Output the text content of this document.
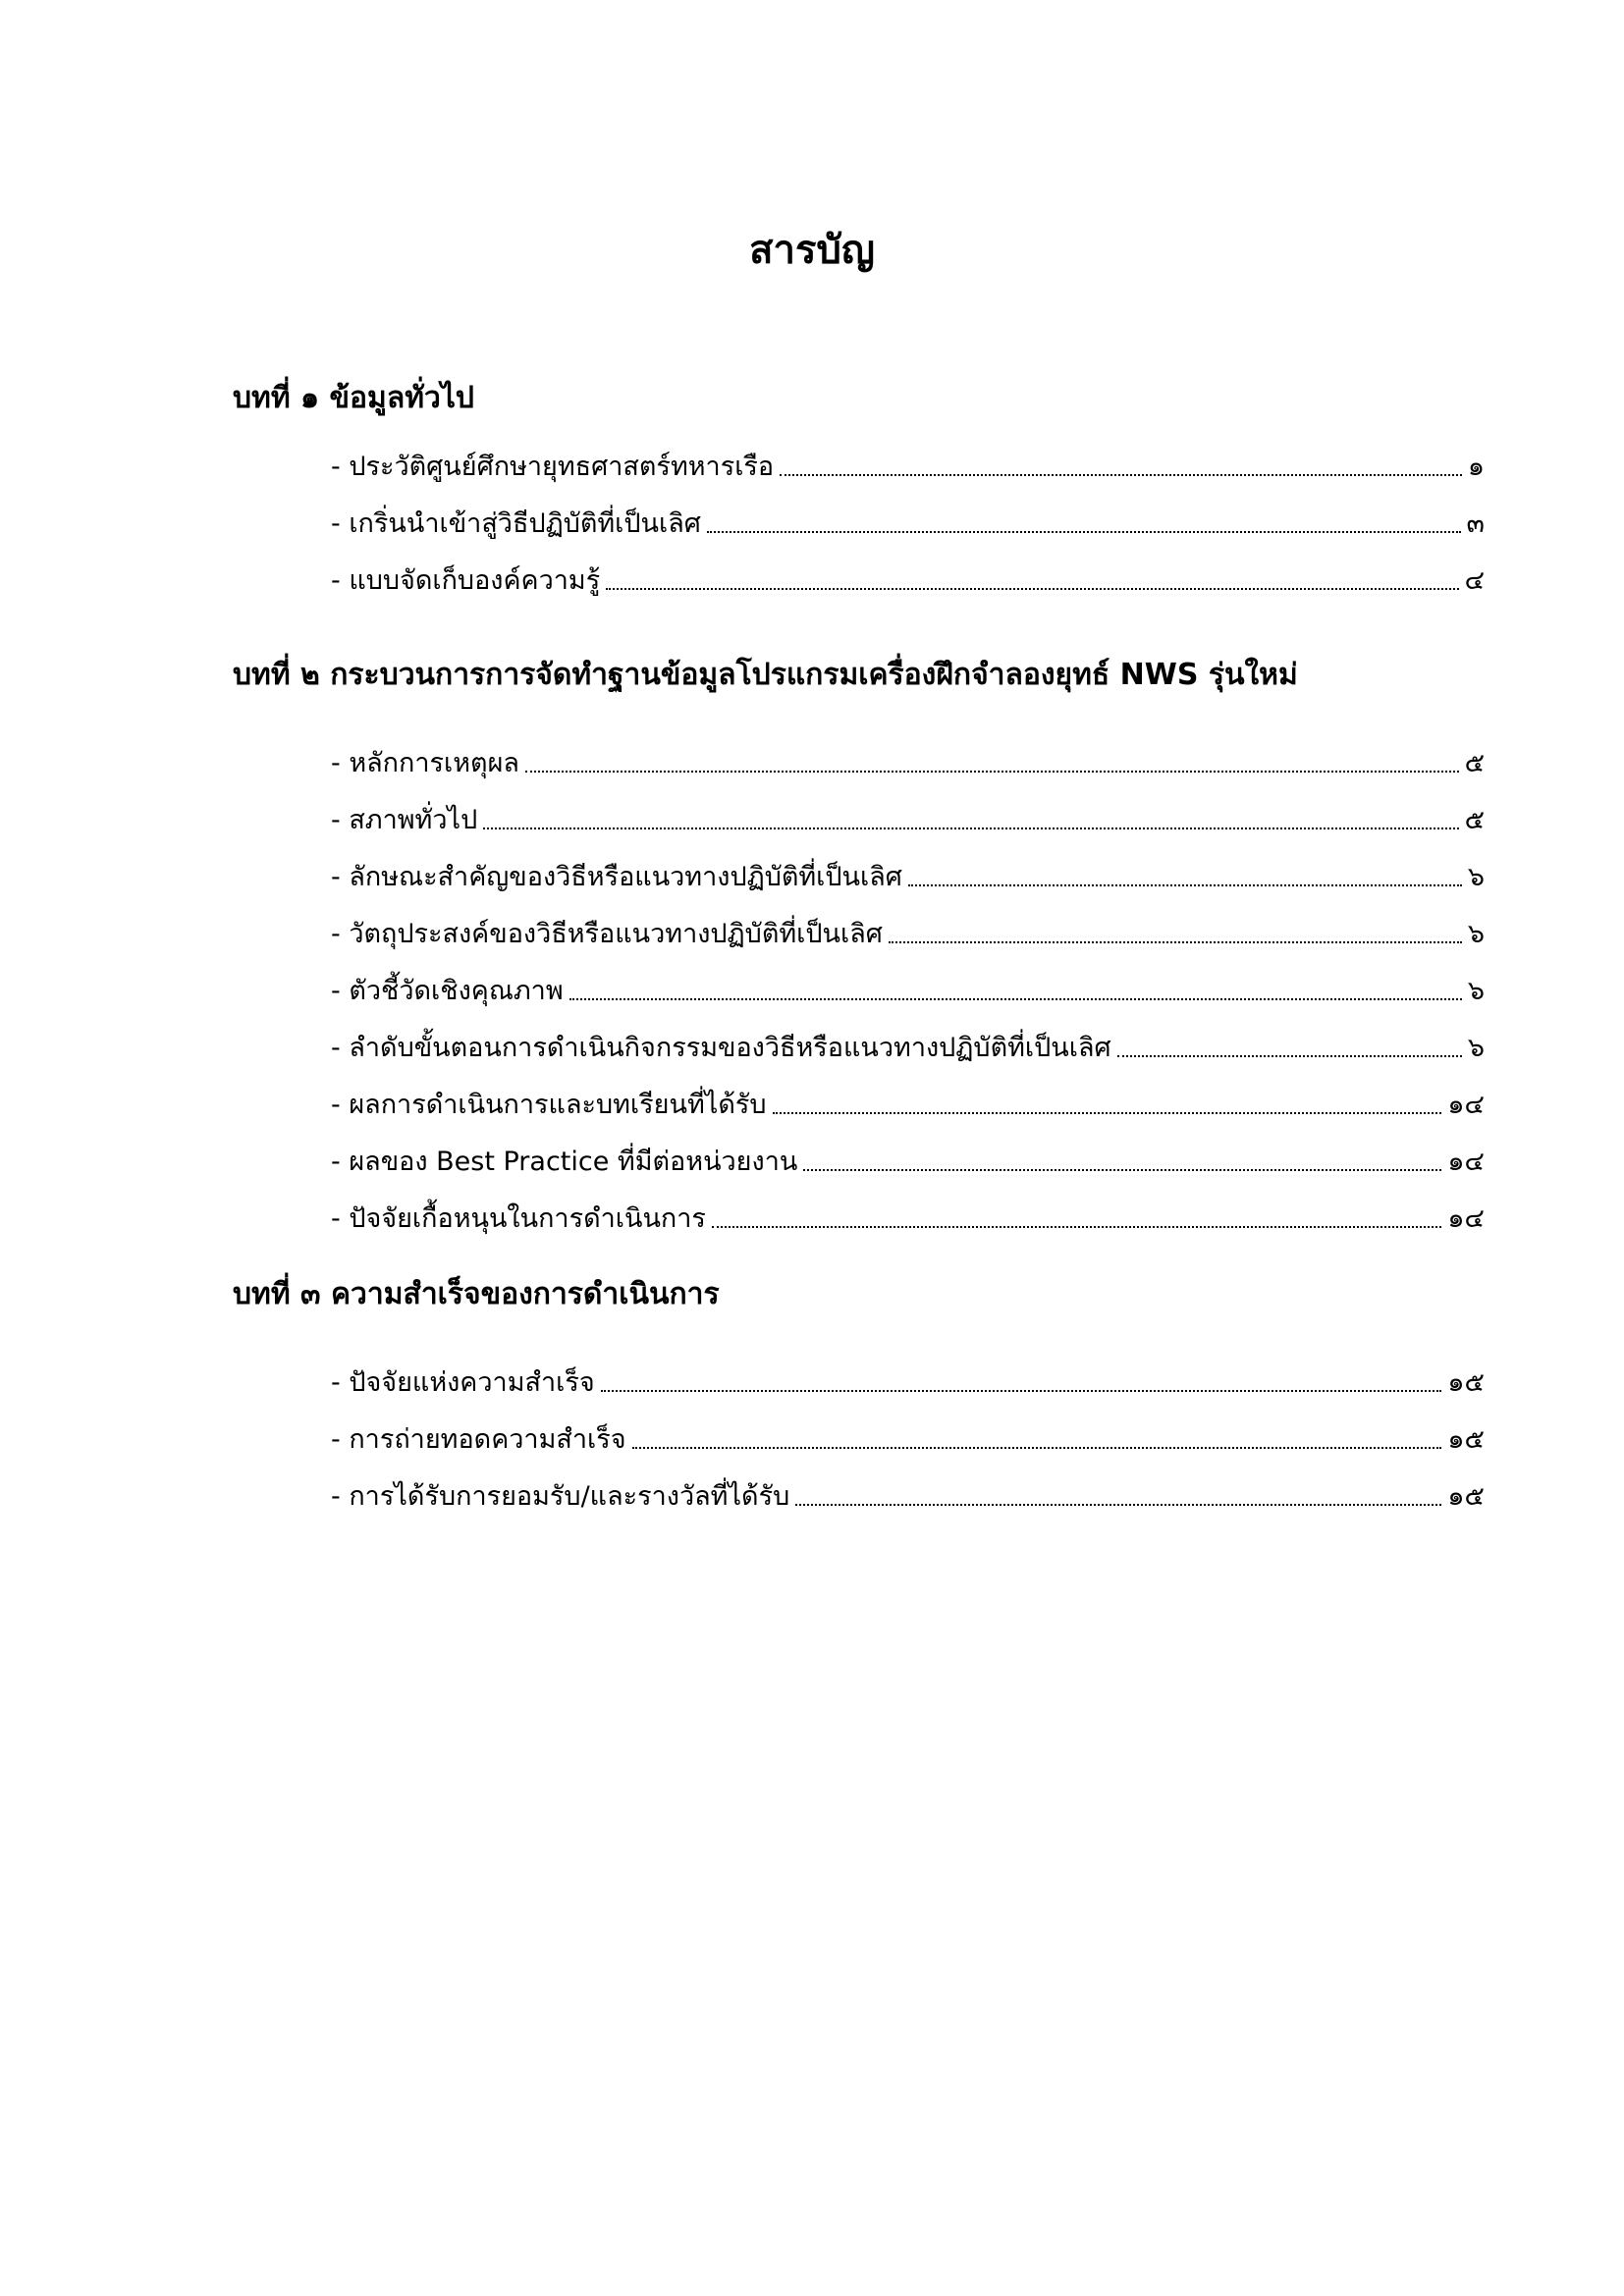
สารบัญ
บทที่ ๑ ข้อมูลทั่วไป
- ประวัติศูนย์ศึกษายุทธศาสตร์ทหารเรือ	๑
- เกริ่นนำเข้าสู่วิธีปฏิบัติที่เป็นเลิศ	๓
- แบบจัดเก็บองค์ความรู้	๔
บทที่ ๒ กระบวนการการจัดทำฐานข้อมูลโปรแกรมเครื่องฝึกจำลองยุทธ์ NWS รุ่นใหม่
- หลักการเหตุผล	๕
- สภาพทั่วไป	๕
- ลักษณะสำคัญของวิธีหรือแนวทางปฏิบัติที่เป็นเลิศ	๖
- วัตถุประสงค์ของวิธีหรือแนวทางปฏิบัติที่เป็นเลิศ	๖
- ตัวชี้วัดเชิงคุณภาพ	๖
- ลำดับขั้นตอนการดำเนินกิจกรรมของวิธีหรือแนวทางปฏิบัติที่เป็นเลิศ	๖
- ผลการดำเนินการและบทเรียนที่ได้รับ	๑๔
- ผลของ Best Practice ที่มีต่อหน่วยงาน	๑๔
- ปัจจัยเกื้อหนุนในการดำเนินการ	๑๔
บทที่ ๓ ความสำเร็จของการดำเนินการ
- ปัจจัยแห่งความสำเร็จ	๑๕
- การถ่ายทอดความสำเร็จ	๑๕
- การได้รับการยอมรับ/และรางวัลที่ได้รับ	๑๕
